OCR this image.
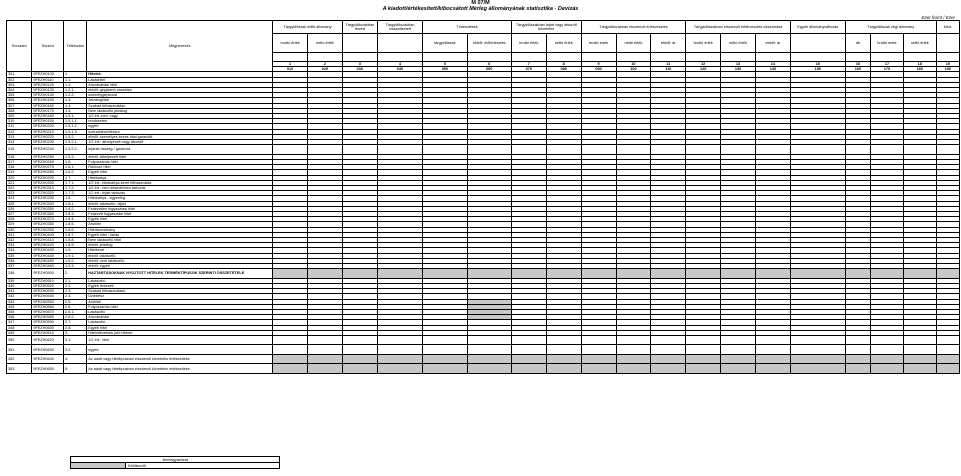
M 07/M
A kiadott/értékesített/kibocsátott Mérleg állományának statisztika - Devizás
Ezer forint / Ezer
Sorszám	Sorkód	Tételszám	Megnevezés	Tárgyidőszak előtti állomány		Tárgyidőszakban felvett	Tárgyidőszakban visszafizetett	Törlesztések		Tárgyidőszakban lejárt vagy átsorolt követelés		Tárgyidőszakban elszámolt értékvesztés			Tárgyidőszakban elszámolt értékvesztés visszaírása			Egyéb állományváltozás	Tárgyidőszak végi állomány			Mód.
				bruttó érték	nettó érték			tárgyidőszak	ebből: előtörlesztés	bruttó érték	nettó érték	bruttó érték	nettó érték	ebből: ár	bruttó érték	nettó érték	ebből: ár		db	bruttó érték	nettó érték	

				1	2	3	4	5	6	7	8	9	10	11	12	13	14	15	16	17	18	19
				010	020	030	040	050	060	070	080	090	100	110	120	130	140	150	160	170	180	190
301	9FEZH0100	1.	Hitelek																			
302	9FEZH0110	1.1.	Lakáshitel																			
303	9FEZH0120	1.2.	Áruvásárlási hitel																			
304	9FEZH0130	1.2.1.	ebből: gépjármű-vásárlási																			
305	9FEZH0140	1.2.2.	személygépkocsi																			
306	9FEZH0150	1.3.	Jelzáloghitel																			
307	9FEZH0160	1.4.	Szabad felhasználású																			
308	9FEZH0170	1.5.	Nem lakáscélú jelzálog																			
309	9FEZH0180	1.5.1.	1/2 ért.-ben: vagy																			
310	9FEZH0190	1.5.1.1.	rendszeres																			
311	9FEZH0200	1.5.1.2.	egyéb																			
312	9FEZH0210	1.5.1.3.	szerződéskötéskor																			
313	9FEZH0220	1.5.2.	ebből: személyes kezes által garantált																			
314	9FEZH0230	1.5.2.1.	1/2 ért.: áthelyezett vagy átsorolt																			
315	9FEZH0240	1.5.2.2.	lejárati összeg / garancia																			
316	9FEZH0250	1.5.3.	ebből: áthelyezett hitel																			
317	9FEZH0260	1.6.	Folyószámla hitel																			
318	9FEZH0270	1.6.1.	Rulírozó hitel																			
319	9FEZH0280	1.6.2.	Egyéb hitel																			
320	9FEZH0290	1.7.	Hitelkártya																			
321	9FEZH0300	1.7.1.	1/2 ért.: hitelkártya-keret felhasználás																			
322	9FEZH0310	1.7.2.	1/2 ért.: nem késedelmes tartozás																			
323	9FEZH0320	1.7.3.	1/2 ért.: lejárt tartozás																			
324	9FEZH0330	1.8.	Hitelkártya - egyenleg																			
325	9FEZH0340	1.8.1.	ebből: lakáscélú, lejárt																			
326	9FEZH0350	1.8.2.	Fedezetlen fogyasztási hitel																			
327	9FEZH0360	1.8.3.	Fedezett fogyasztási hitel																			
328	9FEZH0370	1.8.4.	Egyéb hitel																			
329	9FEZH0380	1.8.5.	Áruhitel																			
330	9FEZH0390	1.8.6.	Hiteltanúsítvány																			
331	9FEZH0400	1.8.7.	Egyéb hitel / lakás																			
332	9FEZH0410	1.8.8.	Nem lakáscélú hitel																			
333	9FEZH0420	1.8.9.	ebből: jelzálog																			
334	9FEZH0430	1.9.	Hitelkeret																			
335	9FEZH0440	1.9.1.	ebből: lakáscélú																			
336	9FEZH0450	1.9.2.	ebből: nem lakáscélú																			
337	9FEZH0460	1.9.3.	ebből: egyéb																			
338	9FEZH0500	2.	HAZTARTÁSOKNAK NYÚJTOTT HITELEK TERMÉKTÍPUSOK SZERINTI ÖSSZETÉTELE																			
339	9FEZH0510	2.1.	Lakáscélú																			
340	9FEZH0520	2.2.	Egyéb fedezett																			
341	9FEZH0530	2.3.	Szabad felhasználású																			
342	9FEZH0540	2.4.	Üzletrész																			
343	9FEZH0550	2.5.	Áruhitel																			
344	9FEZH0560	2.6.	Folyószámla hitel																			
345	9FEZH0570	2.6.1.	Lakáscélú																			
346	9FEZH0580	2.6.2.	Áruvásárlási																			
347	9FEZH0590	2.7.	Lakáscélú																			
348	9FEZH0600	2.8.	Egyéb hitel																			
349	9FEZH0610	3.	Hitelintézetnek jutó hitelek																			
350	9FEZH0620	3.1.	1/2 ért.: hitel																			
351	9FEZH0630	3.2.	egyéb																			
352	9FEZH0640	4.	Az adott vagy hiteltípusban elszámolt követelés értékesítése																			
353	9FEZH0650	5.	Az adott vagy hiteltípusban elszámolt követelés értékesítése																			
Jelmagyarázat
	Kitöltendő
